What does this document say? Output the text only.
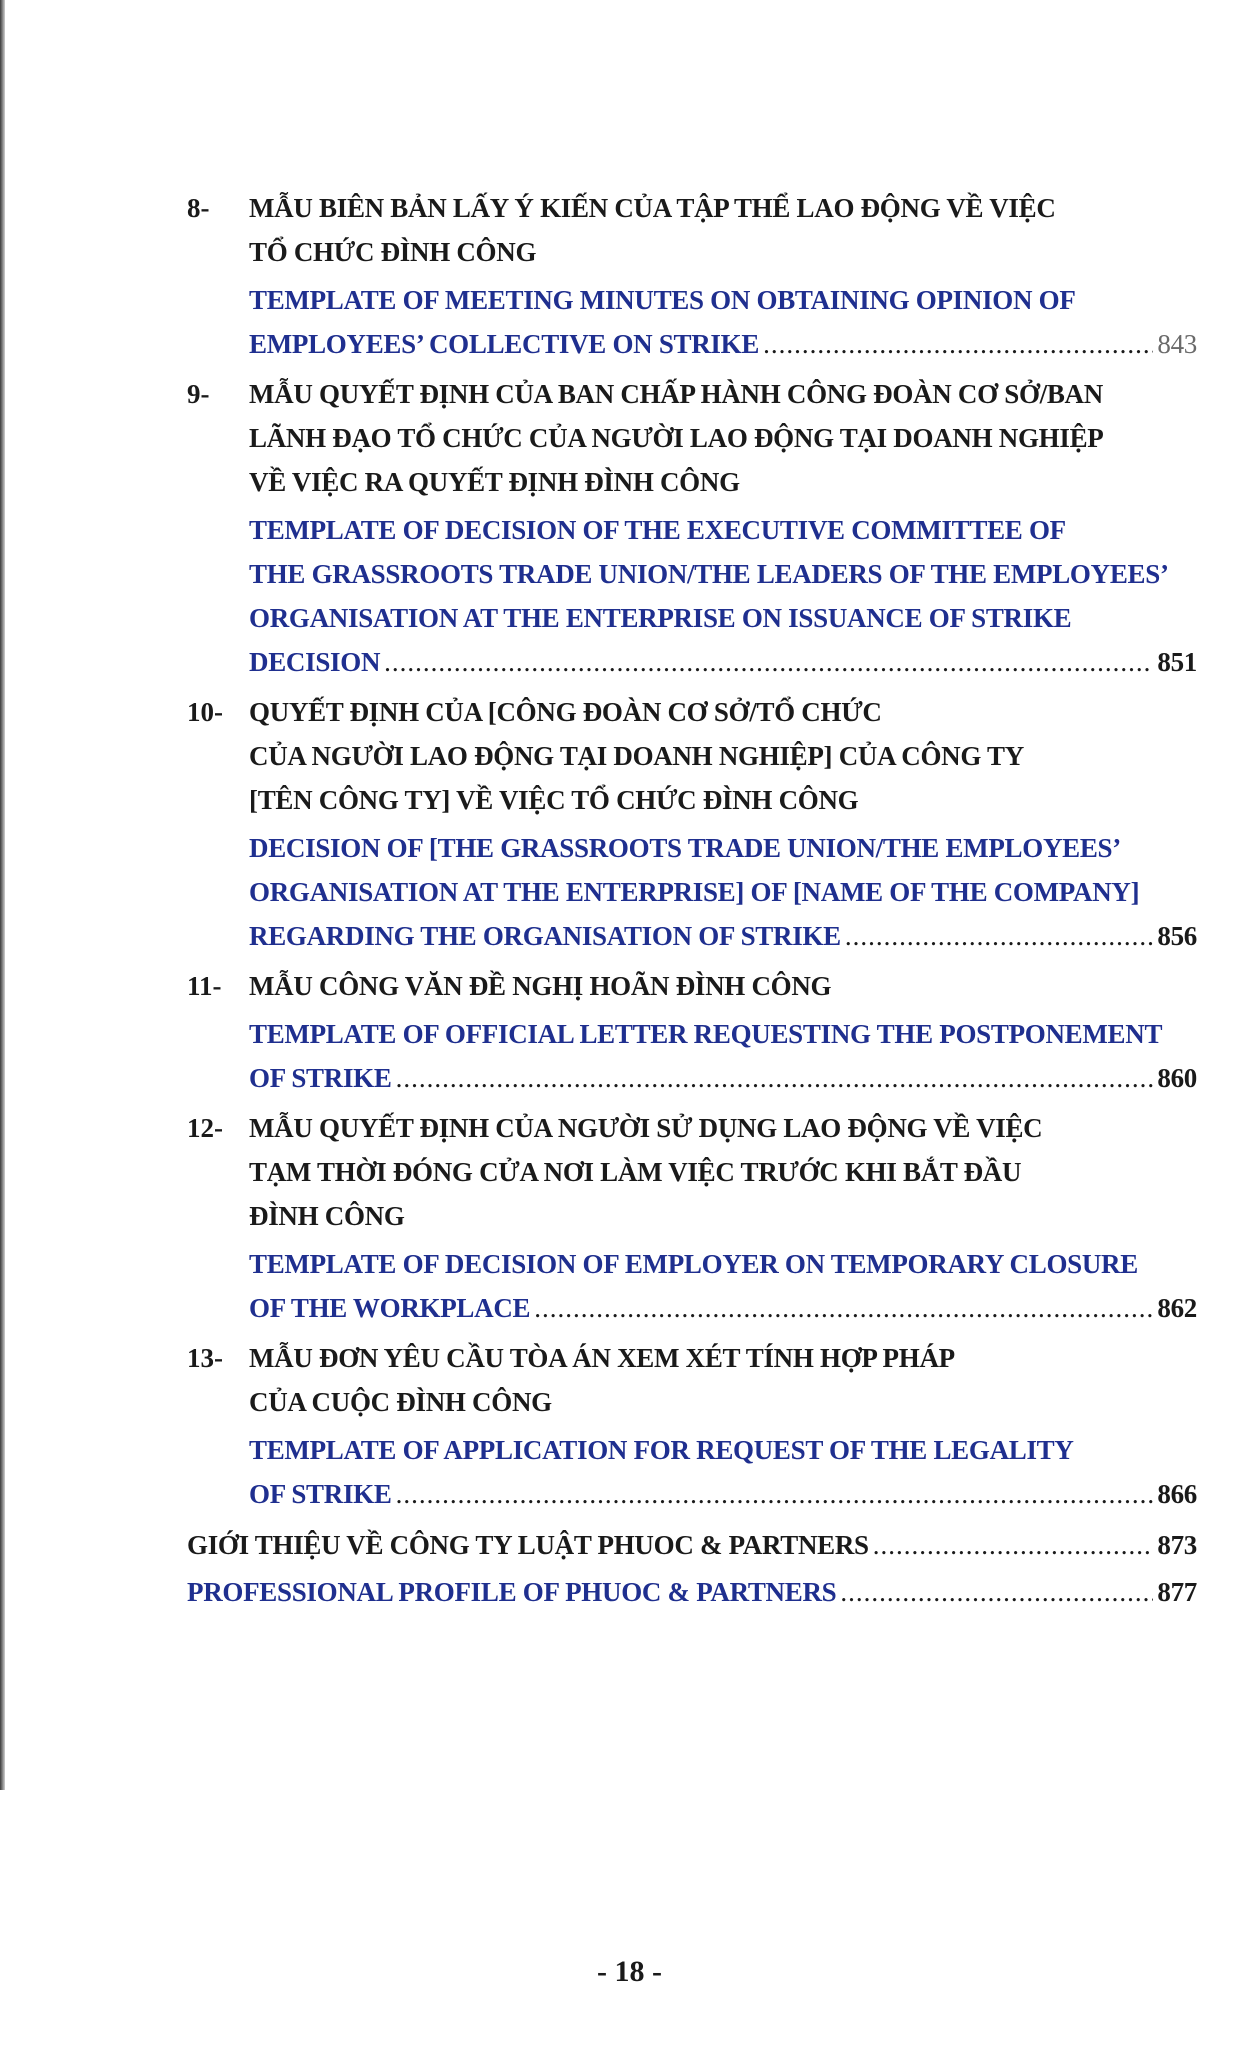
8- MẪU BIÊN BẢN LẤY Ý KIẾN CỦA TẬP THỂ LAO ĐỘNG VỀ VIỆC
TỔ CHỨC ĐÌNH CÔNG
TEMPLATE OF MEETING MINUTES ON OBTAINING OPINION OF
EMPLOYEES’ COLLECTIVE ON STRIKE .....	843
9- MẪU QUYẾT ĐỊNH CỦA BAN CHẤP HÀNH CÔNG ĐOÀN CƠ SỞ/BAN
LÃNH ĐẠO TỔ CHỨC CỦA NGƯỜI LAO ĐỘNG TẠI DOANH NGHIỆP
VỀ VIỆC RA QUYẾT ĐỊNH ĐÌNH CÔNG
TEMPLATE OF DECISION OF THE EXECUTIVE COMMITTEE OF
THE GRASSROOTS TRADE UNION/THE LEADERS OF THE EMPLOYEES’
ORGANISATION AT THE ENTERPRISE ON ISSUANCE OF STRIKE
DECISION .....	851
10- QUYẾT ĐỊNH CỦA [CÔNG ĐOÀN CƠ SỞ/TỔ CHỨC
CỦA NGƯỜI LAO ĐỘNG TẠI DOANH NGHIỆP] CỦA CÔNG TY
[TÊN CÔNG TY] VỀ VIỆC TỔ CHỨC ĐÌNH CÔNG
DECISION OF [THE GRASSROOTS TRADE UNION/THE EMPLOYEES’
ORGANISATION AT THE ENTERPRISE] OF [NAME OF THE COMPANY]
REGARDING THE ORGANISATION OF STRIKE .....	856
11- MẪU CÔNG VĂN ĐỀ NGHỊ HOÃN ĐÌNH CÔNG
TEMPLATE OF OFFICIAL LETTER REQUESTING THE POSTPONEMENT
OF STRIKE .....	860
12- MẪU QUYẾT ĐỊNH CỦA NGƯỜI SỬ DỤNG LAO ĐỘNG VỀ VIỆC
TẠM THỜI ĐÓNG CỬA NƠI LÀM VIỆC TRƯỚC KHI BẮT ĐẦU
ĐÌNH CÔNG
TEMPLATE OF DECISION OF EMPLOYER ON TEMPORARY CLOSURE
OF THE WORKPLACE .....	862
13- MẪU ĐƠN YÊU CẦU TÒA ÁN XEM XÉT TÍNH HỢP PHÁP
CỦA CUỘC ĐÌNH CÔNG
TEMPLATE OF APPLICATION FOR REQUEST OF THE LEGALITY
OF STRIKE .....	866
GIỚI THIỆU VỀ CÔNG TY LUẬT PHUOC & PARTNERS .....	873
PROFESSIONAL PROFILE OF PHUOC & PARTNERS .....	877
- 18 -
